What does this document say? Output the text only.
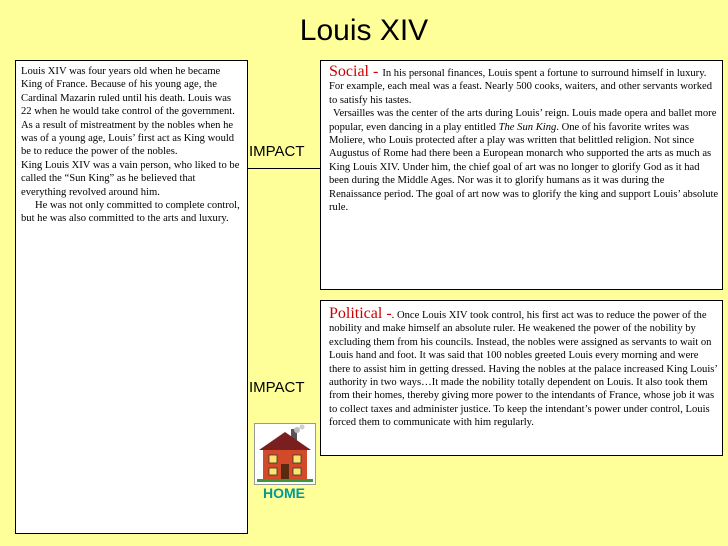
Louis XIV

Louis XIV was four years old when he became King of France. Because of his young age, the Cardinal Mazarin ruled until his death. Louis was 22 when he would take control of the government. As a result of mistreatment by the nobles when he was of a young age, Louis’ first act as King would be to reduce the power of the nobles.

King Louis XIV was a vain person, who liked to be called the “Sun King” as he believed that everything revolved around him.

He was not only committed to complete control, but he was also committed to the arts and luxury.

IMPACT
IMPACT

Social - In his personal finances, Louis spent a fortune to surround himself in luxury. For example, each meal was a feast. Nearly 500 cooks, waiters, and other servants worked to satisfy his tastes.

Versailles was the center of the arts during Louis’ reign. Louis made opera and ballet more popular, even dancing in a play entitled The Sun King. One of his favorite writes was Moliere, who Louis protected after a play was written that belittled religion. Not since Augustus of Rome had there been a European monarch who supported the arts as much as King Louis XIV. Under him, the chief goal of art was no longer to glorify God as it had been during the Middle Ages. Nor was it to glorify humans as it was during the Renaissance period. The goal of art now was to glorify the king and support Louis’ absolute rule.

Political -. Once Louis XIV took control, his first act was to reduce the power of the nobility and make himself an absolute ruler. He weakened the power of the nobility by excluding them from his councils. Instead, the nobles were assigned as servants to wait on Louis hand and foot. It was said that 100 nobles greeted Louis every morning and were there to assist him in getting dressed. Having the nobles at the palace increased King Louis’ authority in two ways…It made the nobility totally dependent on Louis. It also took them from their homes, thereby giving more power to the intendants of France, whose job it was to collect taxes and administer justice. To keep the intendant’s power under control, Louis forced them to communicate with him regularly.

HOME
